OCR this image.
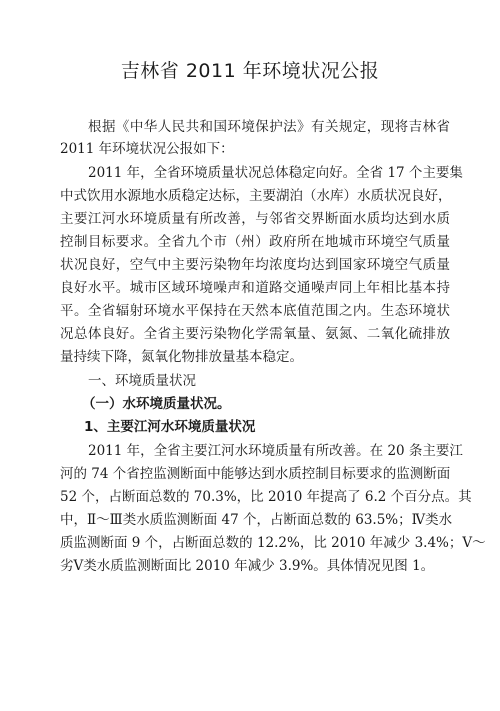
吉林省 2011 年环境状况公报
根据《中华人民共和国环境保护法》有关规定，现将吉林省
2011 年环境状况公报如下：
2011 年，全省环境质量状况总体稳定向好。全省 17 个主要集
中式饮用水源地水质稳定达标，主要湖泊（水库）水质状况良好，
主要江河水环境质量有所改善，与邻省交界断面水质均达到水质
控制目标要求。全省九个市（州）政府所在地城市环境空气质量
状况良好，空气中主要污染物年均浓度均达到国家环境空气质量
良好水平。城市区域环境噪声和道路交通噪声同上年相比基本持
平。全省辐射环境水平保持在天然本底值范围之内。生态环境状
况总体良好。全省主要污染物化学需氧量、氨氮、二氧化硫排放
量持续下降，氮氧化物排放量基本稳定。
一、环境质量状况
（一）水环境质量状况。
1、主要江河水环境质量状况
2011 年，全省主要江河水环境质量有所改善。在 20 条主要江
河的 74 个省控监测断面中能够达到水质控制目标要求的监测断面
52 个，占断面总数的 70.3%，比 2010 年提高了 6.2 个百分点。其
中，Ⅱ～Ⅲ类水质监测断面 47 个，占断面总数的 63.5%；Ⅳ类水
质监测断面 9 个，占断面总数的 12.2%，比 2010 年减少 3.4%；Ⅴ～
劣Ⅴ类水质监测断面比 2010 年减少 3.9%。具体情况见图 1。
